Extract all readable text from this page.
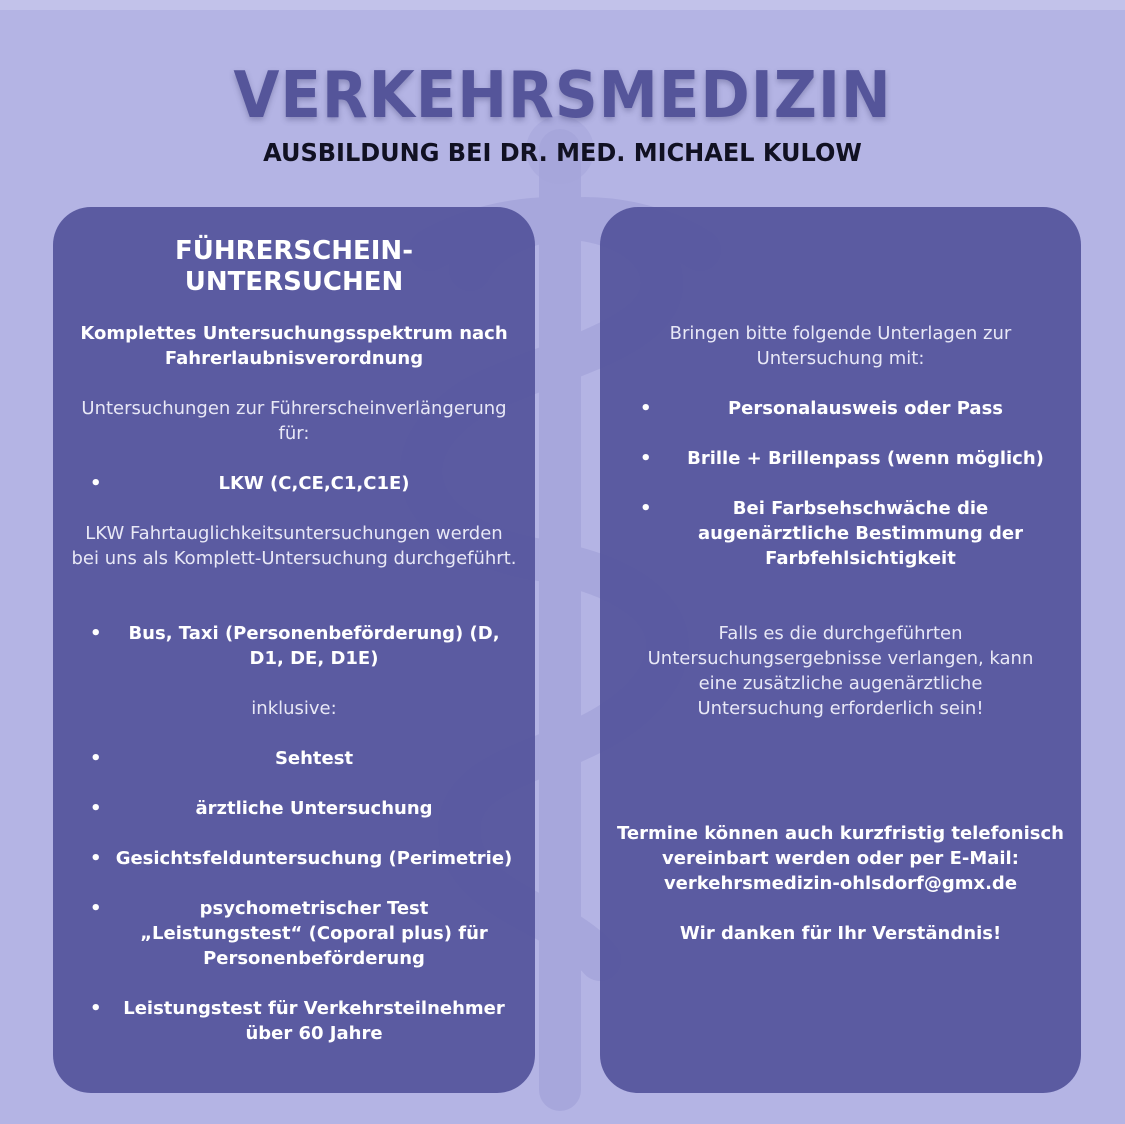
VERKEHRSMEDIZIN
AUSBILDUNG BEI DR. MED. MICHAEL KULOW
FÜHRERSCHEIN-
UNTERSUCHEN
Komplettes Untersuchungsspektrum nach Fahrerlaubnisverordnung
Untersuchungen zur Führerscheinverlängerung für:
•	LKW (C,CE,C1,C1E)
LKW Fahrtauglichkeitsuntersuchungen werden bei uns als Komplett-Untersuchung durchgeführt.
•	Bus, Taxi (Personenbeförderung) (D, D1, DE, D1E)
inklusive:
•	Sehtest
•	ärztliche Untersuchung
• Gesichtsfelduntersuchung (Perimetrie)
•	psychometrischer Test „Leistungstest“ (Coporal plus) für Personenbeförderung
•	Leistungstest für Verkehrsteilnehmer über 60 Jahre
Bringen bitte folgende Unterlagen zur Untersuchung mit:
•	Personalausweis oder Pass
•	Brille + Brillenpass (wenn möglich)
•	Bei Farbsehschwäche die augenärztliche Bestimmung der Farbfehlsichtigkeit
Falls es die durchgeführten Untersuchungsergebnisse verlangen, kann eine zusätzliche augenärztliche Untersuchung erforderlich sein!
Termine können auch kurzfristig telefonisch vereinbart werden oder per E-Mail: verkehrsmedizin-ohlsdorf@gmx.de
Wir danken für Ihr Verständnis!
